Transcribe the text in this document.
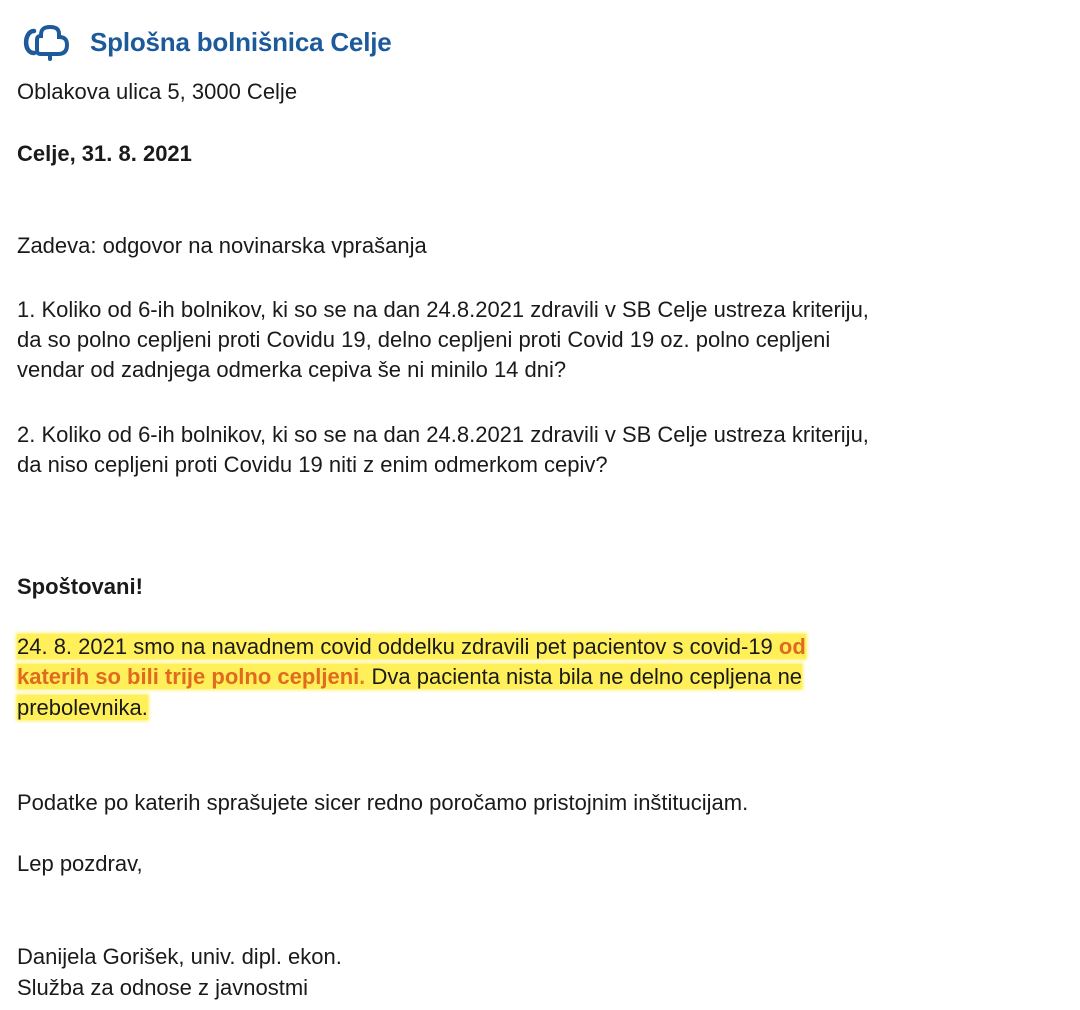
Splošna bolnišnica Celje
Oblakova ulica 5, 3000 Celje
Celje, 31. 8. 2021
Zadeva: odgovor na novinarska vprašanja
1. Koliko od 6-ih bolnikov, ki so se na dan 24.8.2021 zdravili v SB Celje ustreza kriteriju,
da so polno cepljeni proti Covidu 19, delno cepljeni proti Covid 19 oz. polno cepljeni
vendar od zadnjega odmerka cepiva še ni minilo 14 dni?
2. Koliko od 6-ih bolnikov, ki so se na dan 24.8.2021 zdravili v SB Celje ustreza kriteriju,
da niso cepljeni proti Covidu 19 niti z enim odmerkom cepiv?
Spoštovani!
24. 8. 2021 smo na navadnem covid oddelku zdravili pet pacientov s covid-19 od
katerih so bili trije polno cepljeni. Dva pacienta nista bila ne delno cepljena ne
prebolevnika.
Podatke po katerih sprašujete sicer redno poročamo pristojnim inštitucijam.
Lep pozdrav,
Danijela Gorišek, univ. dipl. ekon.
Služba za odnose z javnostmi
